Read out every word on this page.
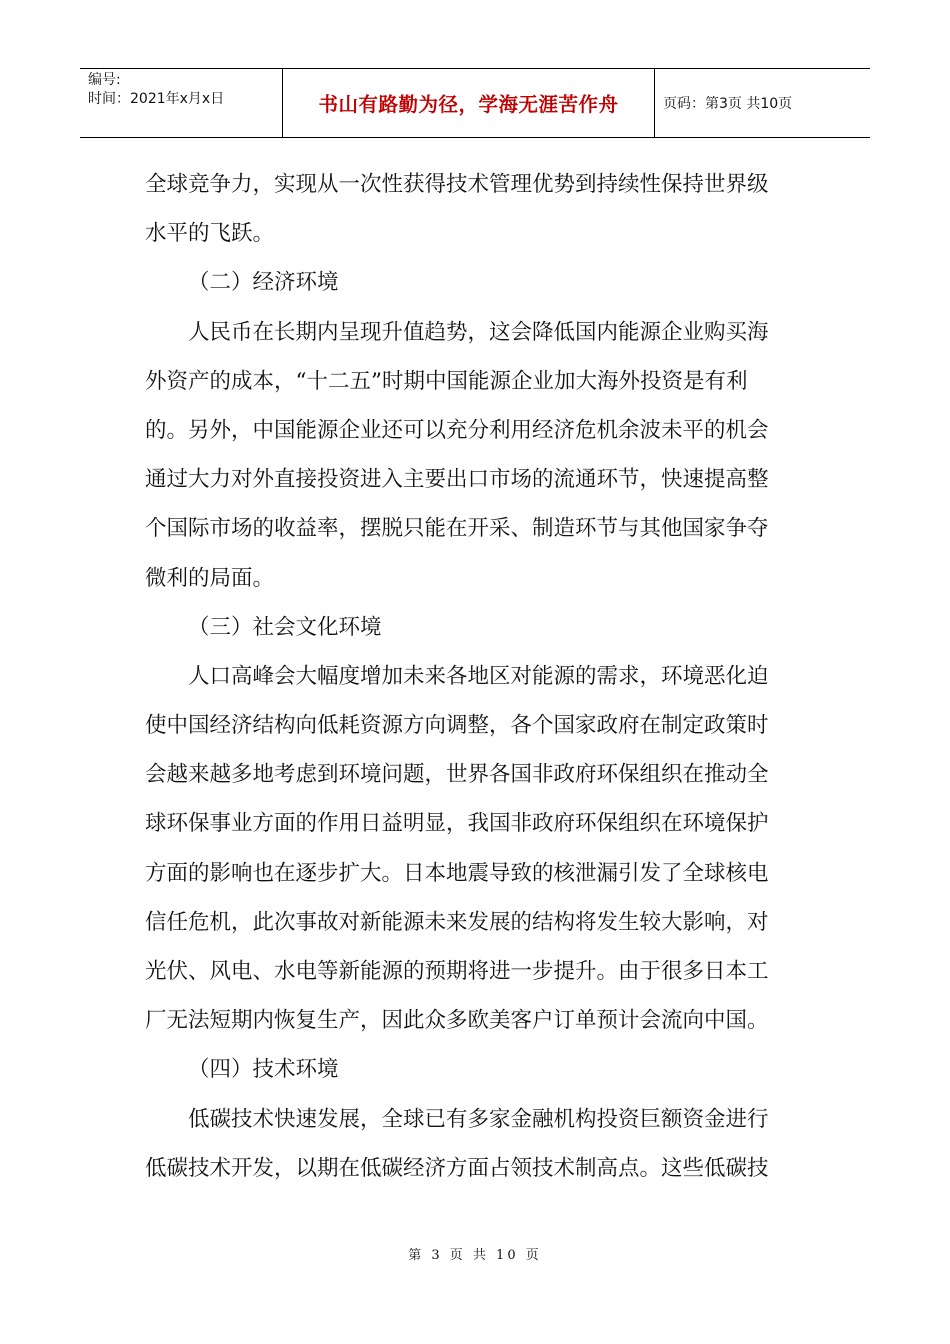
编号:
时间：2021年x月x日	书山有路勤为径，学海无涯苦作舟	页码：第3页 共10页
全球竞争力，实现从一次性获得技术管理优势到持续性保持世界级
水平的飞跃。
（二）经济环境
人民币在长期内呈现升值趋势，这会降低国内能源企业购买海
外资产的成本，“十二五”时期中国能源企业加大海外投资是有利
的。另外，中国能源企业还可以充分利用经济危机余波未平的机会
通过大力对外直接投资进入主要出口市场的流通环节，快速提高整
个国际市场的收益率，摆脱只能在开采、制造环节与其他国家争夺
微利的局面。
（三）社会文化环境
人口高峰会大幅度增加未来各地区对能源的需求，环境恶化迫
使中国经济结构向低耗资源方向调整，各个国家政府在制定政策时
会越来越多地考虑到环境问题，世界各国非政府环保组织在推动全
球环保事业方面的作用日益明显，我国非政府环保组织在环境保护
方面的影响也在逐步扩大。日本地震导致的核泄漏引发了全球核电
信任危机，此次事故对新能源未来发展的结构将发生较大影响，对
光伏、风电、水电等新能源的预期将进一步提升。由于很多日本工
厂无法短期内恢复生产，因此众多欧美客户订单预计会流向中国。
（四）技术环境
低碳技术快速发展，全球已有多家金融机构投资巨额资金进行
低碳技术开发，以期在低碳经济方面占领技术制高点。这些低碳技
第 3 页 共 10 页
